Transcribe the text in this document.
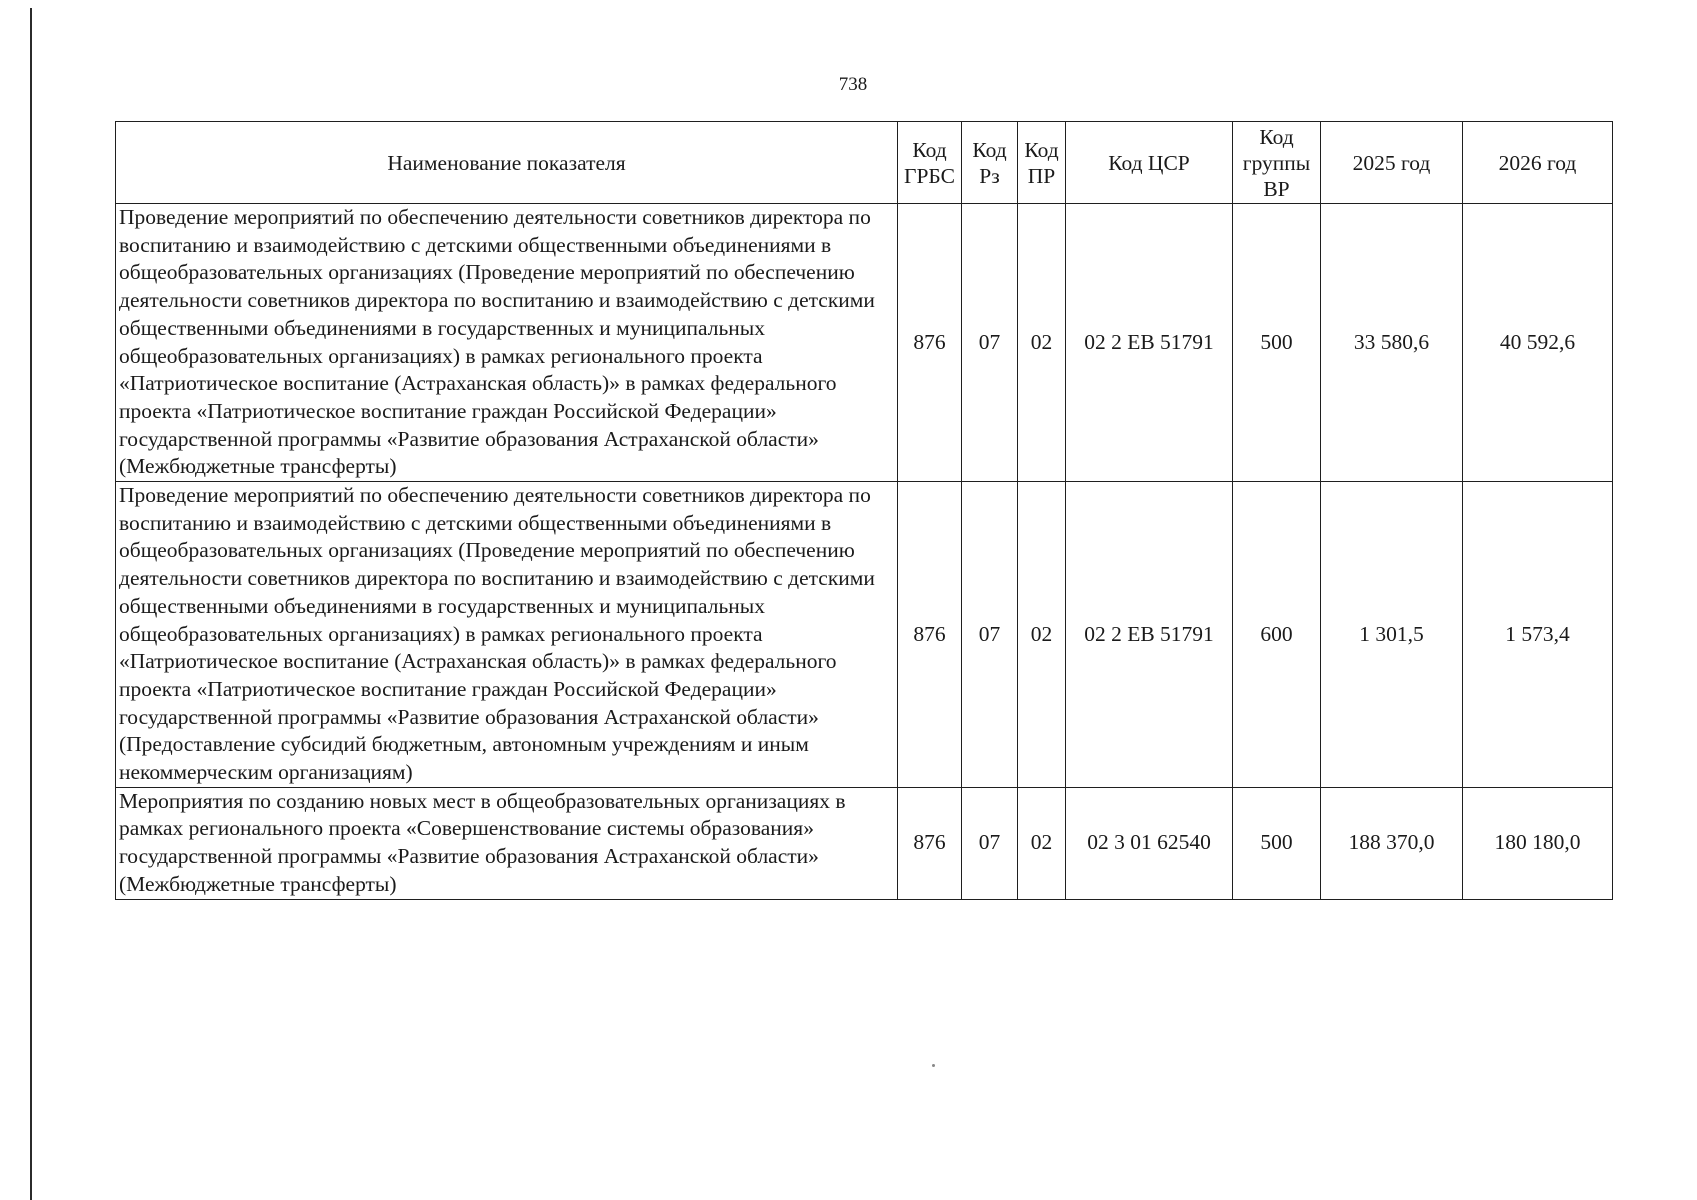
738
Наименование показателя	Код ГРБС	Код Рз	Код ПР	Код ЦСР	Код группы ВР	2025 год	2026 год
Проведение мероприятий по обеспечению деятельности советников директора по воспитанию и взаимодействию с детскими общественными объединениями в общеобразовательных организациях (Проведение мероприятий по обеспечению деятельности советников директора по воспитанию и взаимодействию с детскими общественными объединениями в государственных и муниципальных общеобразовательных организациях) в рамках регионального проекта «Патриотическое воспитание (Астраханская область)» в рамках федерального проекта «Патриотическое воспитание граждан Российской Федерации» государственной программы «Развитие образования Астраханской области» (Межбюджетные трансферты)	876	07	02	02 2 ЕВ 51791	500	33 580,6	40 592,6
Проведение мероприятий по обеспечению деятельности советников директора по воспитанию и взаимодействию с детскими общественными объединениями в общеобразовательных организациях (Проведение мероприятий по обеспечению деятельности советников директора по воспитанию и взаимодействию с детскими общественными объединениями в государственных и муниципальных общеобразовательных организациях) в рамках регионального проекта «Патриотическое воспитание (Астраханская область)» в рамках федерального проекта «Патриотическое воспитание граждан Российской Федерации» государственной программы «Развитие образования Астраханской области» (Предоставление субсидий бюджетным, автономным учреждениям и иным некоммерческим организациям)	876	07	02	02 2 ЕВ 51791	600	1 301,5	1 573,4
Мероприятия по созданию новых мест в общеобразовательных организациях в рамках регионального проекта «Совершенствование системы образования» государственной программы «Развитие образования Астраханской области» (Межбюджетные трансферты)	876	07	02	02 3 01 62540	500	188 370,0	180 180,0
